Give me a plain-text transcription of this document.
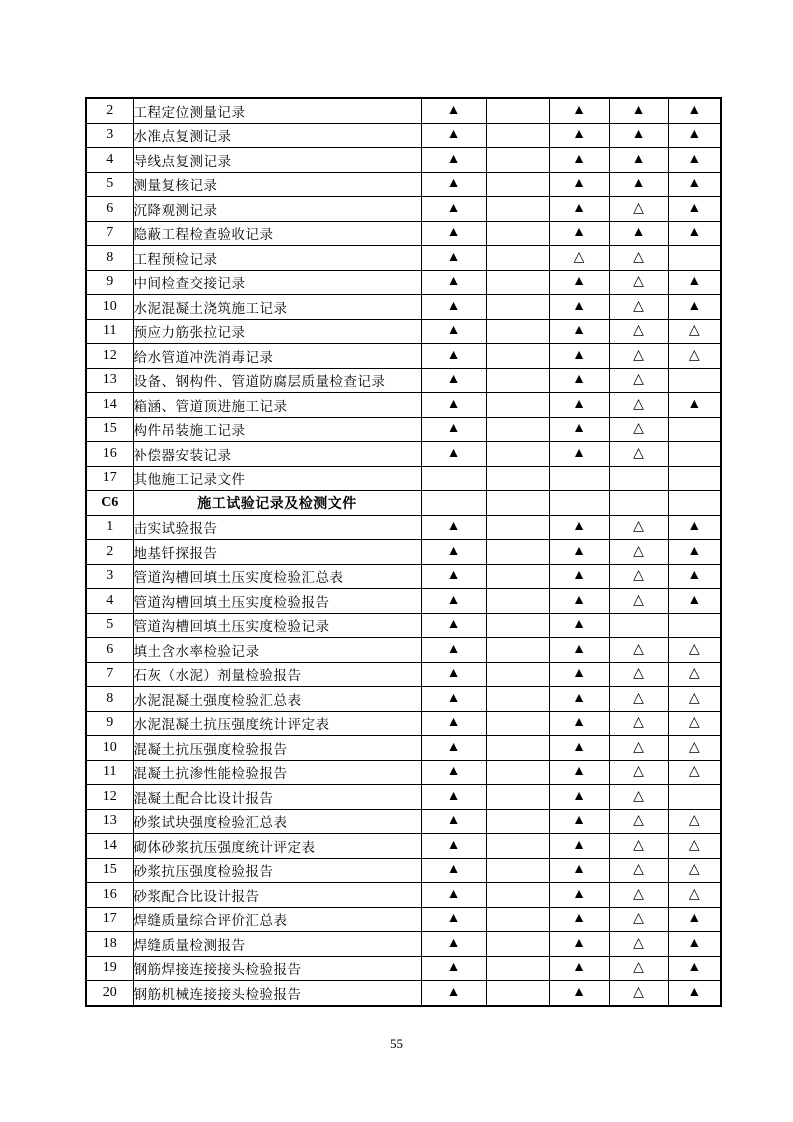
2	工程定位测量记录	▲		▲	▲	▲
3	水准点复测记录	▲		▲	▲	▲
4	导线点复测记录	▲		▲	▲	▲
5	测量复核记录	▲		▲	▲	▲
6	沉降观测记录	▲		▲	△	▲
7	隐蔽工程检查验收记录	▲		▲	▲	▲
8	工程预检记录	▲		△	△	
9	中间检查交接记录	▲		▲	△	▲
10	水泥混凝土浇筑施工记录	▲		▲	△	▲
11	预应力筋张拉记录	▲		▲	△	△
12	给水管道冲洗消毒记录	▲		▲	△	△
13	设备、钢构件、管道防腐层质量检查记录	▲		▲	△	
14	箱涵、管道顶进施工记录	▲		▲	△	▲
15	构件吊装施工记录	▲		▲	△	
16	补偿器安装记录	▲		▲	△	
17	其他施工记录文件					
C6	施工试验记录及检测文件					
1	击实试验报告	▲		▲	△	▲
2	地基钎探报告	▲		▲	△	▲
3	管道沟槽回填土压实度检验汇总表	▲		▲	△	▲
4	管道沟槽回填土压实度检验报告	▲		▲	△	▲
5	管道沟槽回填土压实度检验记录	▲		▲		
6	填土含水率检验记录	▲		▲	△	△
7	石灰（水泥）剂量检验报告	▲		▲	△	△
8	水泥混凝土强度检验汇总表	▲		▲	△	△
9	水泥混凝土抗压强度统计评定表	▲		▲	△	△
10	混凝土抗压强度检验报告	▲		▲	△	△
11	混凝土抗渗性能检验报告	▲		▲	△	△
12	混凝土配合比设计报告	▲		▲	△	
13	砂浆试块强度检验汇总表	▲		▲	△	△
14	砌体砂浆抗压强度统计评定表	▲		▲	△	△
15	砂浆抗压强度检验报告	▲		▲	△	△
16	砂浆配合比设计报告	▲		▲	△	△
17	焊缝质量综合评价汇总表	▲		▲	△	▲
18	焊缝质量检测报告	▲		▲	△	▲
19	钢筋焊接连接接头检验报告	▲		▲	△	▲
20	钢筋机械连接接头检验报告	▲		▲	△	▲
55
